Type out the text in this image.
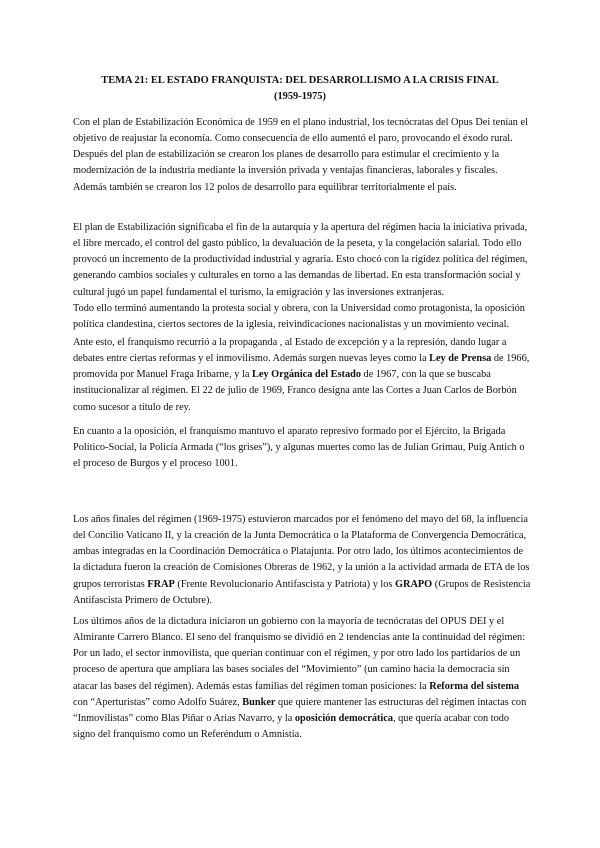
TEMA 21: EL ESTADO FRANQUISTA: DEL DESARROLLISMO A LA CRISIS FINAL
(1959-1975)

Con el plan de Estabilización Económica de 1959 en el plano industrial, los tecnócratas del Opus Dei tenían el objetivo de reajustar la economía. Como consecuencia de ello aumentó el paro, provocando el éxodo rural. Después del plan de estabilización se crearon los planes de desarrollo para estimular el crecimiento y la modernización de la industria mediante la inversión privada y ventajas financieras, laborales y fiscales. Además también se crearon los 12 polos de desarrollo para equilibrar territorialmente el país.

El plan de Estabilización significaba el fin de la autarquía y la apertura del régimen hacia la iniciativa privada, el libre mercado, el control del gasto público, la devaluación de la peseta, y la congelación salarial. Todo ello provocó un incremento de la productividad industrial y agraria. Esto chocó con la rigidez política del régimen, generando cambios sociales y culturales en torno a las demandas de libertad. En esta transformación social y cultural jugó un papel fundamental el turismo, la emigración y las inversiones extranjeras.
Todo ello terminó aumentando la protesta social y obrera, con la Universidad como protagonista, la oposición política clandestina, ciertos sectores de la iglesia, reivindicaciones nacionalistas y un movimiento vecinal.

Ante esto, el franquismo recurrió a la propaganda , al Estado de excepción y a la represión, dando lugar a debates entre ciertas reformas y el inmovilismo. Además surgen nuevas leyes como la Ley de Prensa de 1966, promovida por Manuel Fraga Iribarne, y la Ley Orgánica del Estado de 1967, con la que se buscaba institucionalizar al régimen. El 22 de julio de 1969, Franco designa ante las Cortes a Juan Carlos de Borbón como sucesor a título de rey.

En cuanto a la oposición, el franquismo mantuvo el aparato represivo formado por el Ejército, la Brigada Político-Social, la Policía Armada (“los grises”), y algunas muertes como las de Julian Grimau, Puig Antich o el proceso de Burgos y el proceso 1001.

Los años finales del régimen (1969-1975) estuvieron marcados por el fenómeno del mayo del 68, la influencia del Concilio Vaticano II, y la creación de la Junta Democrática o la Plataforma de Convergencia Democrática, ambas integradas en la Coordinación Democrática o Platajunta. Por otro lado, los últimos acontecimientos de la dictadura fueron la creación de Comisiones Obreras de 1962, y la unión a la actividad armada de ETA de los grupos terroristas FRAP (Frente Revolucionario Antifascista y Patriota) y los GRAPO (Grupos de Resistencia Antifascista Primero de Octubre).

Los últimos años de la dictadura iniciaron un gobierno con la mayoría de tecnócratas del OPUS DEI y el Almirante Carrero Blanco. El seno del franquismo se dividió en 2 tendencias ante la continuidad del régimen: Por un lado, el sector inmovilista, que querían continuar con el régimen, y por otro lado los partidarios de un proceso de apertura que ampliara las bases sociales del “Movimiento” (un camino hacia la democracia sin atacar las bases del régimen). Además estas familias del régimen toman posiciones: la Reforma del sistema con “Aperturistas” como Adolfo Suárez, Bunker que quiere mantener las estructuras del régimen intactas con “Inmovilistas” como Blas Piñar o Arias Navarro, y la oposición democrática, que quería acabar con todo signo del franquismo como un Referéndum o Amnistía.
